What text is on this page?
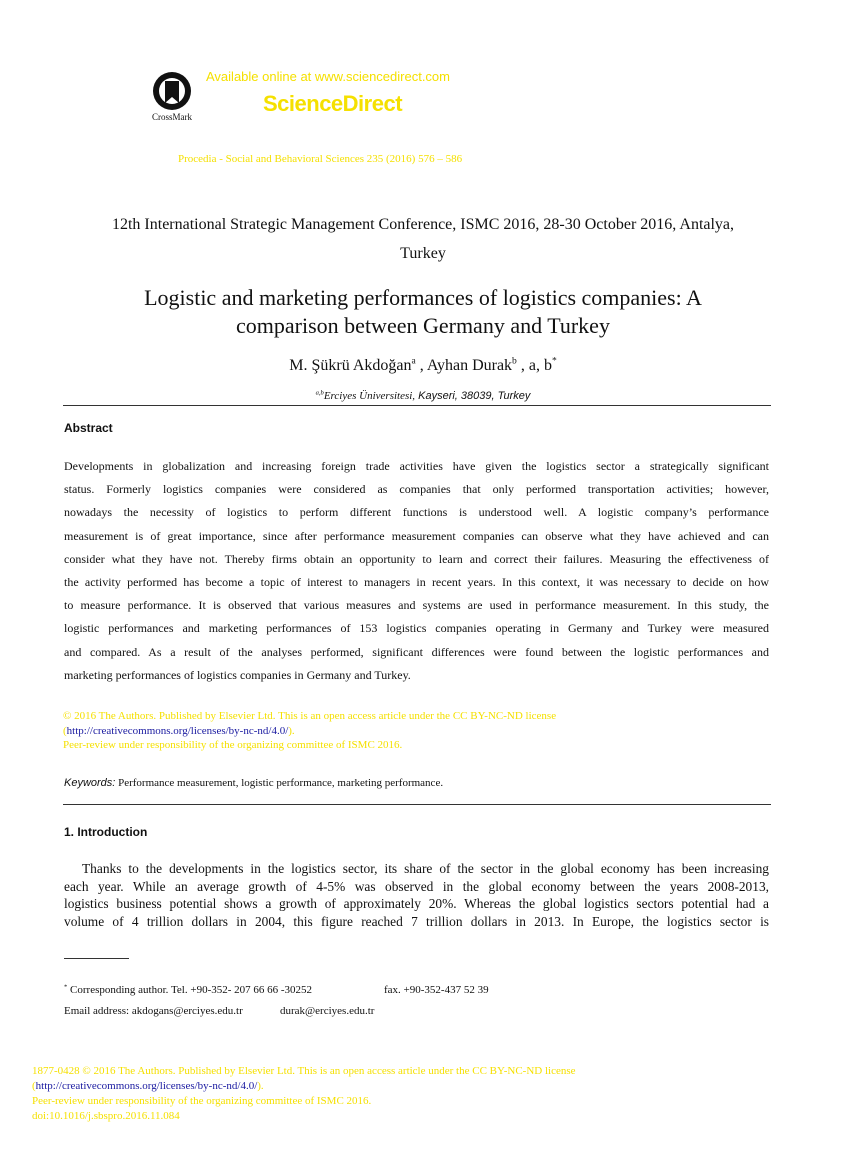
CrossMark
Available online at www.sciencedirect.com
ScienceDirect
Procedia - Social and Behavioral Sciences 235 (2016) 576 – 586
12th International Strategic Management Conference, ISMC 2016, 28-30 October 2016, Antalya,
Turkey
Logistic and marketing performances of logistics companies: A
comparison between Germany and Turkey
M. Şükrü Akdoğan$^a$ , Ayhan Durak$^b$ , a, b*
$^{a,b}$Erciyes Üniversitesi, Kayseri, 38039, Turkey
Abstract
Developments in globalization and increasing foreign trade activities have given the logistics sector a strategically significant
status. Formerly logistics companies were considered as companies that only performed transportation activities; however,
nowadays the necessity of logistics to perform different functions is understood well. A logistic company’s performance
measurement is of great importance, since after performance measurement companies can observe what they have achieved and can
consider what they have not. Thereby firms obtain an opportunity to learn and correct their failures. Measuring the effectiveness of
the activity performed has become a topic of interest to managers in recent years. In this context, it was necessary to decide on how
to measure performance. It is observed that various measures and systems are used in performance measurement. In this study, the
logistic performances and marketing performances of 153 logistics companies operating in Germany and Turkey were measured
and compared. As a result of the analyses performed, significant differences were found between the logistic performances and
marketing performances of logistics companies in Germany and Turkey.
© 2016 The Authors. Published by Elsevier Ltd. This is an open access article under the CC BY-NC-ND license
(http://creativecommons.org/licenses/by-nc-nd/4.0/).
Peer-review under responsibility of the organizing committee of ISMC 2016.
Keywords: Performance measurement, logistic performance, marketing performance.
1. Introduction
Thanks to the developments in the logistics sector, its share of the sector in the global economy has been increasing
each year. While an average growth of 4-5% was observed in the global economy between the years 2008-2013,
logistics business potential shows a growth of approximately 20%. Whereas the global logistics sectors potential had a
volume of 4 trillion dollars in 2004, this figure reached 7 trillion dollars in 2013. In Europe, the logistics sector is
* Corresponding author. Tel. +90-352- 207 66 66 -30252	fax. +90-352-437 52 39
Email address: akdogans@erciyes.edu.tr	durak@erciyes.edu.tr
1877-0428 © 2016 The Authors. Published by Elsevier Ltd. This is an open access article under the CC BY-NC-ND license
(http://creativecommons.org/licenses/by-nc-nd/4.0/).
Peer-review under responsibility of the organizing committee of ISMC 2016.
doi:10.1016/j.sbspro.2016.11.084
